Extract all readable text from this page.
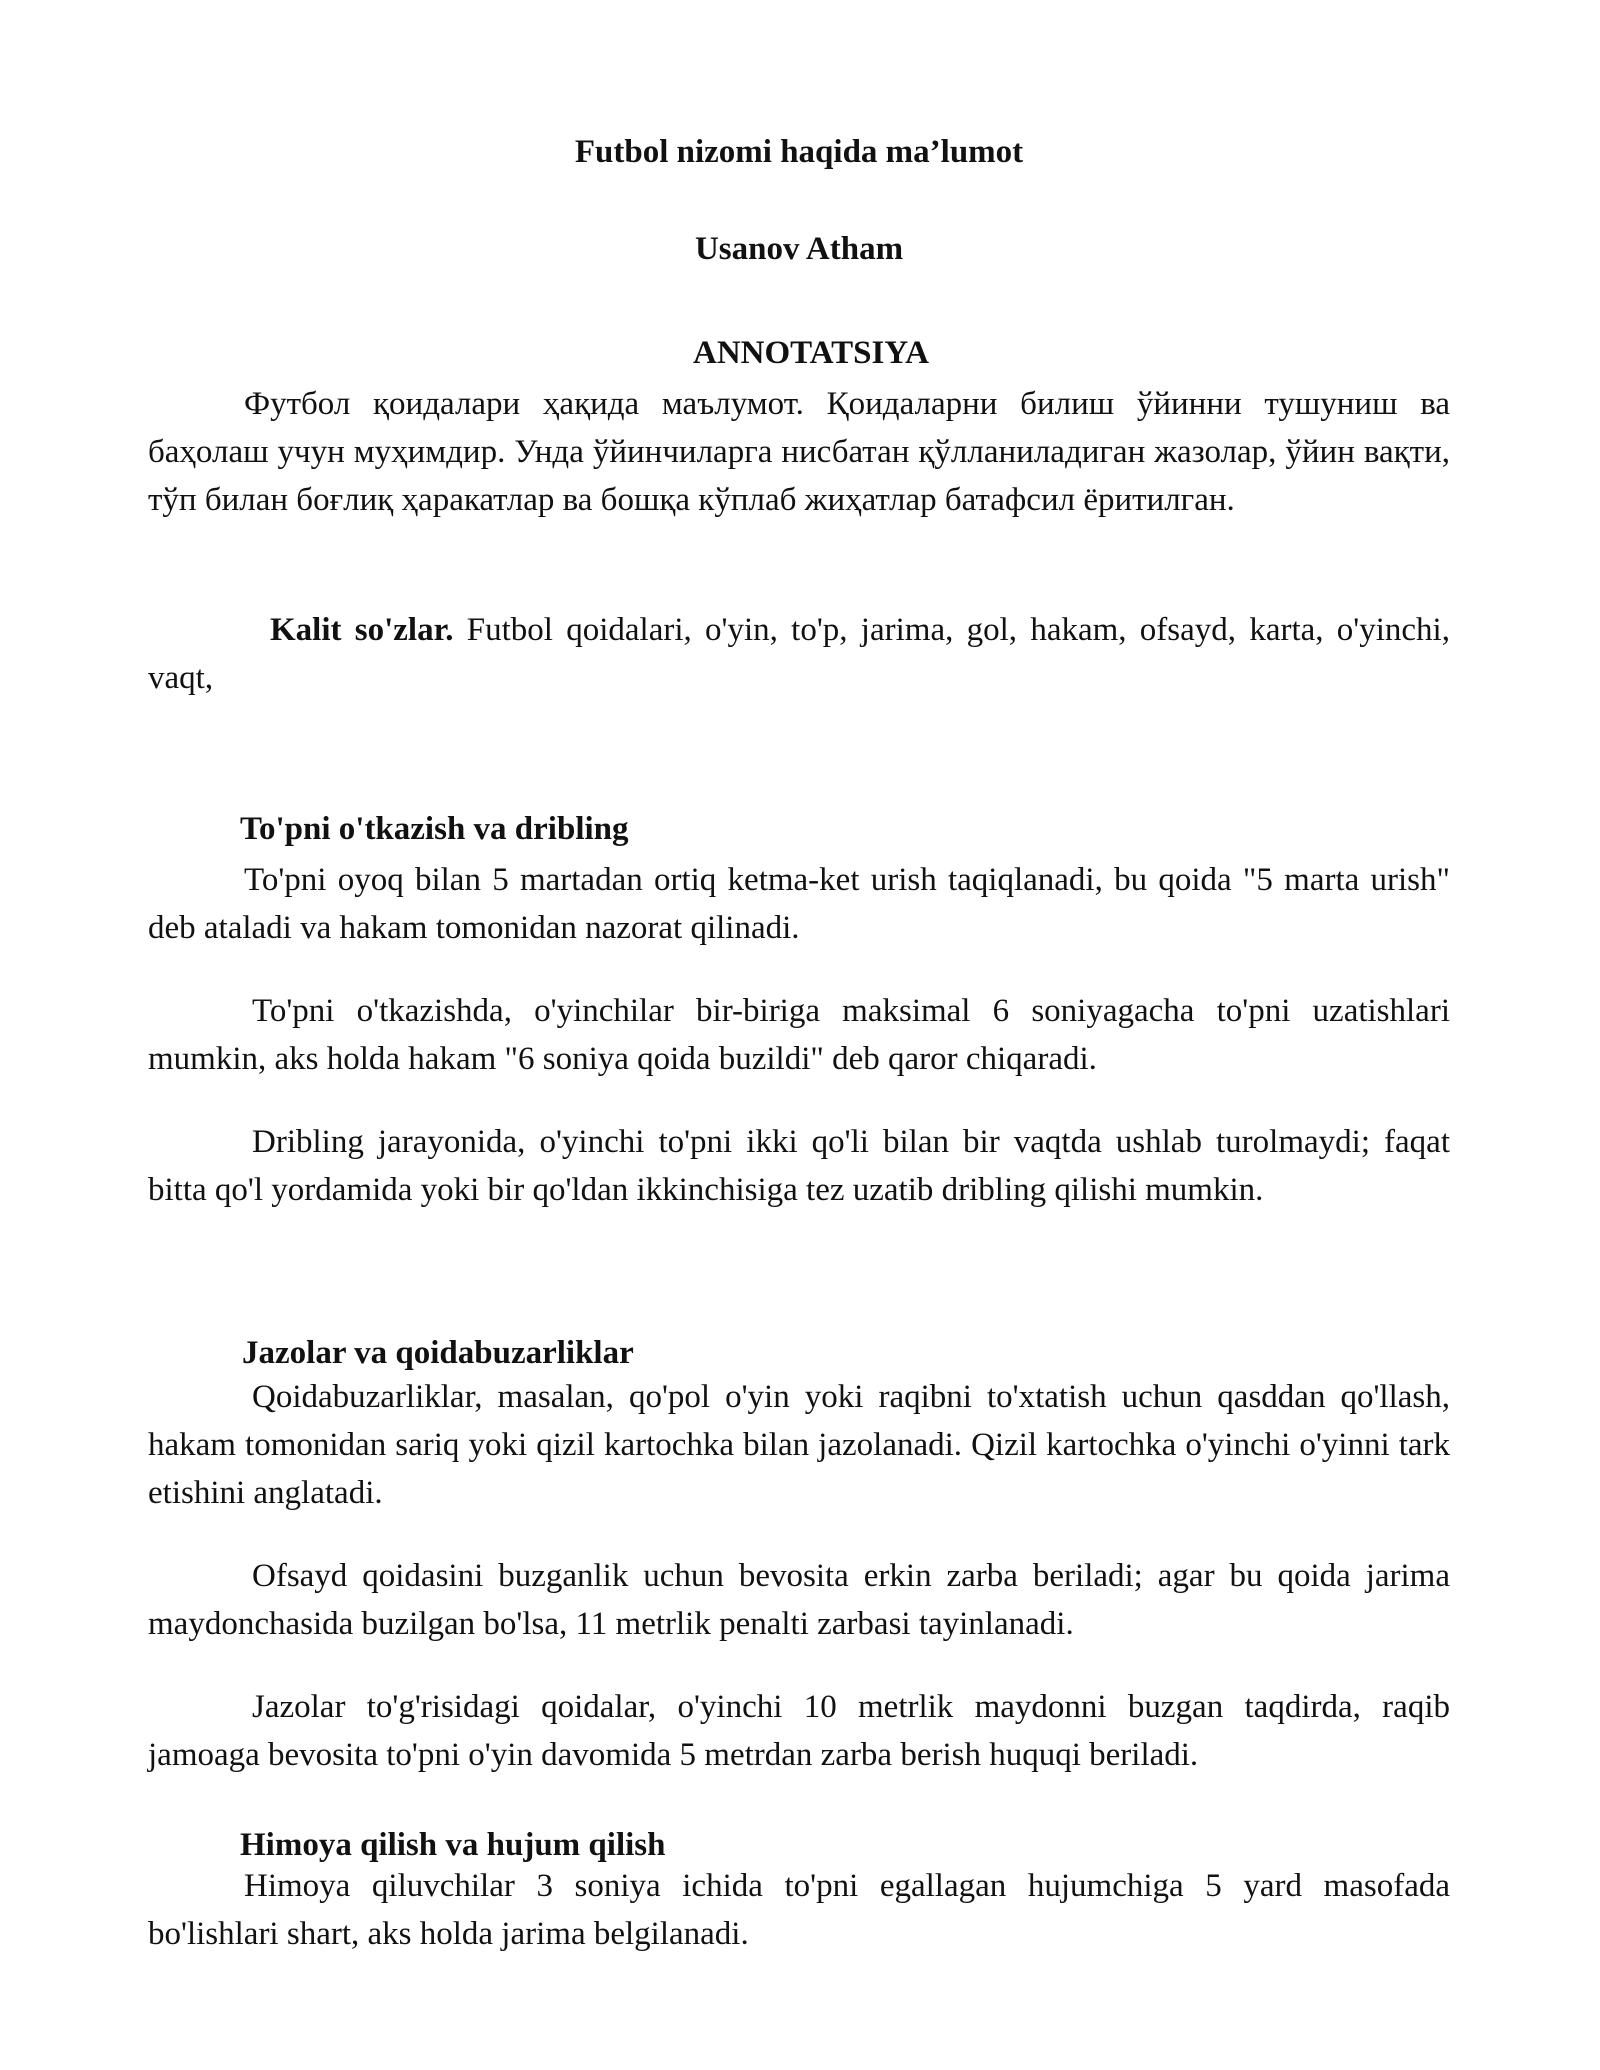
Futbol nizomi haqida ma’lumot
Usanov Atham
ANNOTATSIYA

Футбол қоидалари ҳақида маълумот. Қоидаларни билиш ўйинни тушуниш ва баҳолаш учун муҳимдир. Унда ўйинчиларга нисбатан қўлланиладиган жазолар, ўйин вақти, тўп билан боғлиқ ҳаракатлар ва бошқа кўплаб жиҳатлар батафсил ёритилган.

Kalit so'zlar. Futbol qoidalari, o'yin, to'p, jarima, gol, hakam, ofsayd, karta, o'yinchi, vaqt,

To'pni o'tkazish va dribling

To'pni oyoq bilan 5 martadan ortiq ketma-ket urish taqiqlanadi, bu qoida "5 marta urish" deb ataladi va hakam tomonidan nazorat qilinadi.

To'pni o'tkazishda, o'yinchilar bir-biriga maksimal 6 soniyagacha to'pni uzatishlari mumkin, aks holda hakam "6 soniya qoida buzildi" deb qaror chiqaradi.

Dribling jarayonida, o'yinchi to'pni ikki qo'li bilan bir vaqtda ushlab turolmaydi; faqat bitta qo'l yordamida yoki bir qo'ldan ikkinchisiga tez uzatib dribling qilishi mumkin.

Jazolar va qoidabuzarliklar

Qoidabuzarliklar, masalan, qo'pol o'yin yoki raqibni to'xtatish uchun qasddan qo'llash, hakam tomonidan sariq yoki qizil kartochka bilan jazolanadi. Qizil kartochka o'yinchi o'yinni tark etishini anglatadi.

Ofsayd qoidasini buzganlik uchun bevosita erkin zarba beriladi; agar bu qoida jarima maydonchasida buzilgan bo'lsa, 11 metrlik penalti zarbasi tayinlanadi.

Jazolar to'g'risidagi qoidalar, o'yinchi 10 metrlik maydonni buzgan taqdirda, raqib jamoaga bevosita to'pni o'yin davomida 5 metrdan zarba berish huquqi beriladi.

Himoya qilish va hujum qilish

Himoya qiluvchilar 3 soniya ichida to'pni egallagan hujumchiga 5 yard masofada bo'lishlari shart, aks holda jarima belgilanadi.
